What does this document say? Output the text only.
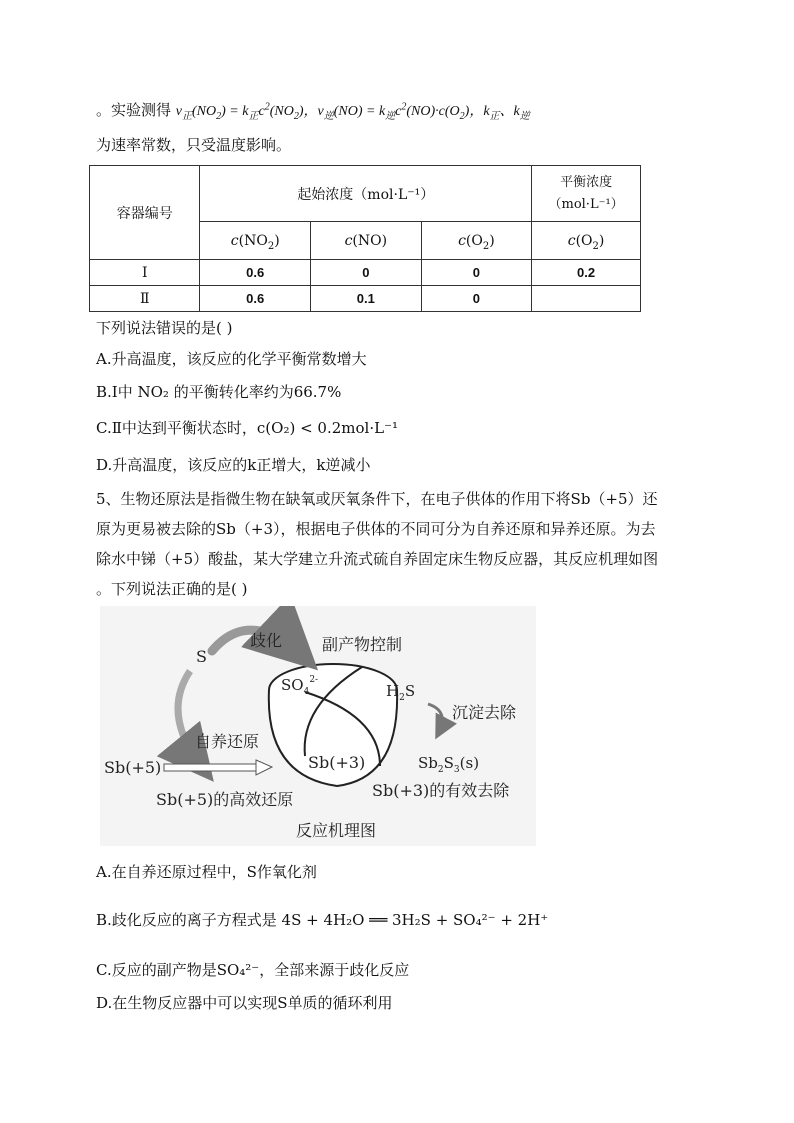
。实验测得 $v_正(NO_2) = k_正c^2(NO_2)$，$v_逆(NO) = k_逆c^2(NO)\cdot c(O_2)$，$k_正$、$k_逆$
为速率常数，只受温度影响。
容器编号	起始浓度（mol·L⁻¹）			平衡浓度（mol·L⁻¹）
	$c(NO_2)$	c(NO)	$c(O_2)$	$c(O_2)$
Ⅰ	0.6	0	0	0.2
Ⅱ	0.6	0.1	0	
下列说法错误的是( )
A.升高温度，该反应的化学平衡常数增大
B.Ⅰ中 NO₂ 的平衡转化率约为66.7%
C.Ⅱ中达到平衡状态时，c(O₂) < 0.2mol·L⁻¹
D.升高温度，该反应的k正增大，k逆减小
5、生物还原法是指微生物在缺氧或厌氧条件下，在电子供体的作用下将Sb（+5）还
原为更易被去除的Sb（+3），根据电子供体的不同可分为自养还原和异养还原。为去
除水中锑（+5）酸盐，某大学建立升流式硫自养固定床生物反应器，其反应机理如图
。下列说法正确的是( )
S
歧化 副产物控制
$SO_4^{2-}$
$H_2S$
沉淀去除
自养还原
Sb(+5)	Sb(+3)	$Sb_2S_3(s)$
Sb(+5)的高效还原	Sb(+3)的有效去除
反应机理图
A.在自养还原过程中，S作氧化剂
B.歧化反应的离子方程式是 4S + 4H₂O ══ 3H₂S + SO₄²⁻ + 2H⁺
C.反应的副产物是SO₄²⁻，全部来源于歧化反应
D.在生物反应器中可以实现S单质的循环利用
